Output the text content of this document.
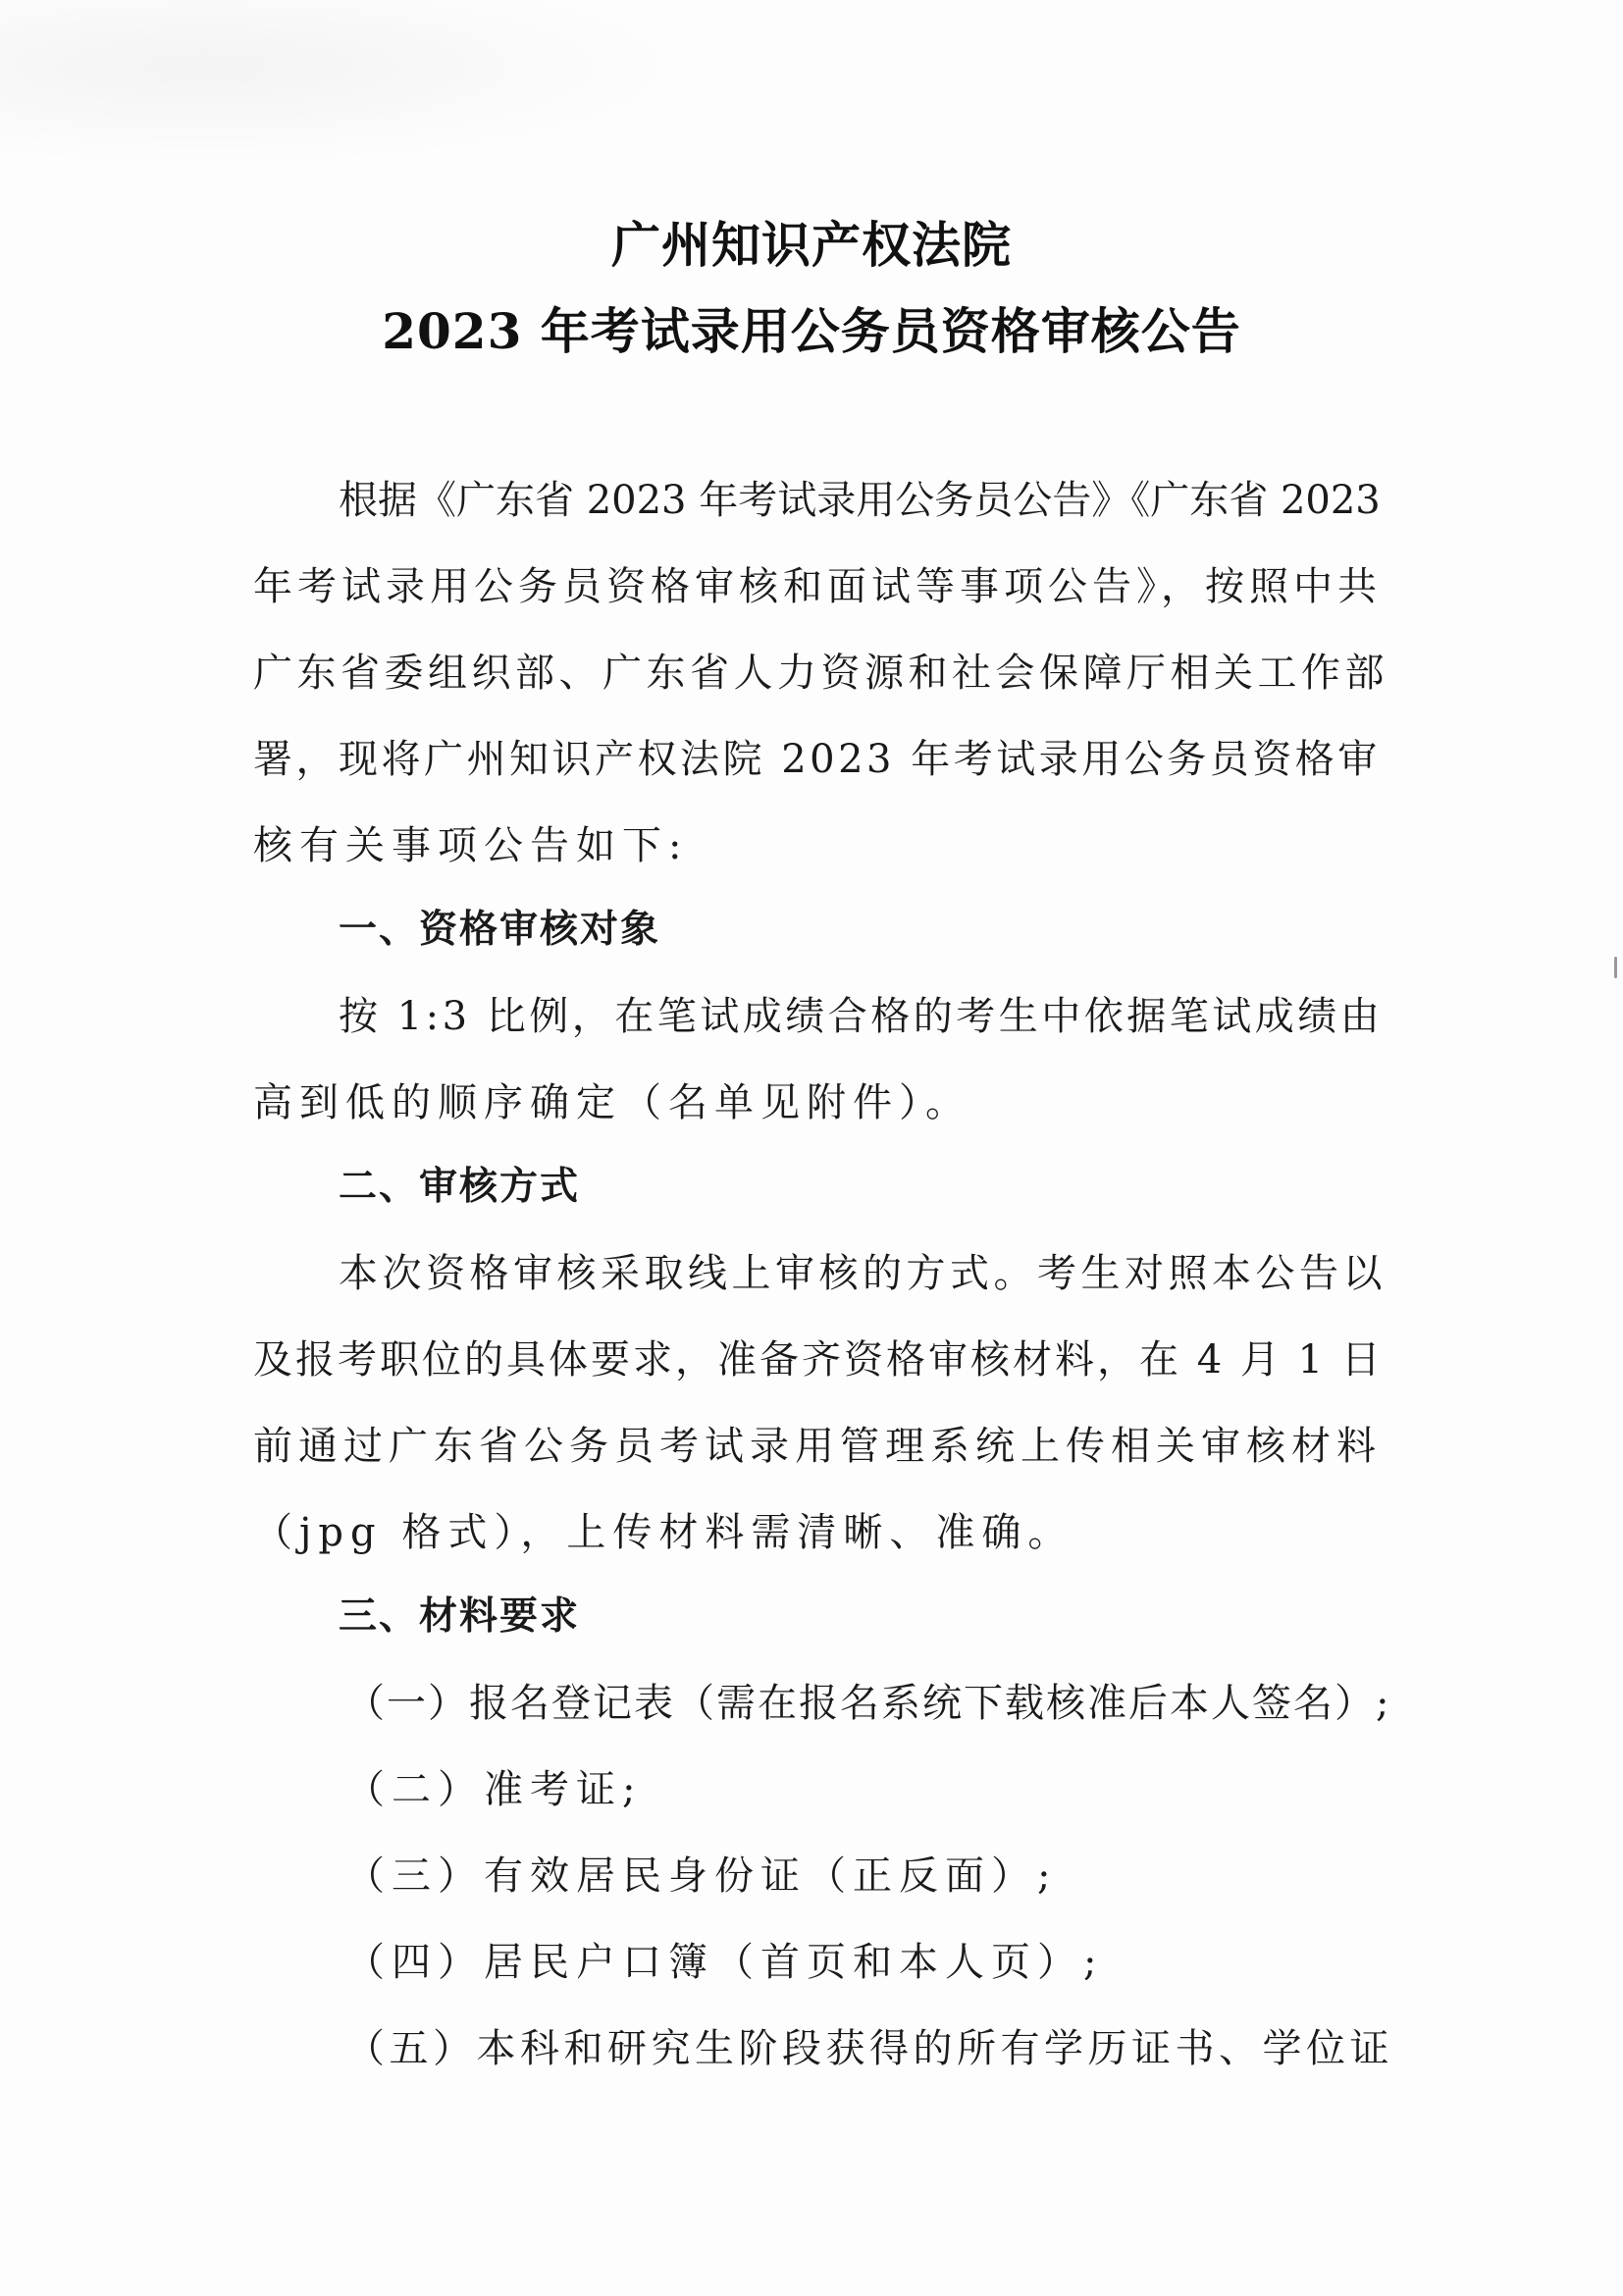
广州知识产权法院
2023 年考试录用公务员资格审核公告
根据《广东省 2023 年考试录用公务员公告》《广东省 2023
年考试录用公务员资格审核和面试等事项公告》，按照中共
广东省委组织部、广东省人力资源和社会保障厅相关工作部
署，现将广州知识产权法院 2023 年考试录用公务员资格审
核有关事项公告如下:
一、资格审核对象
按 1:3 比例，在笔试成绩合格的考生中依据笔试成绩由
高到低的顺序确定（名单见附件）。
二、审核方式
本次资格审核采取线上审核的方式。考生对照本公告以
及报考职位的具体要求，准备齐资格审核材料，在 4 月 1 日
前通过广东省公务员考试录用管理系统上传相关审核材料
（jpg 格式），上传材料需清晰、准确。
三、材料要求
（一）报名登记表（需在报名系统下载核准后本人签名）;
（二）准考证;
（三）有效居民身份证（正反面）;
（四）居民户口簿（首页和本人页）;
（五）本科和研究生阶段获得的所有学历证书、学位证
